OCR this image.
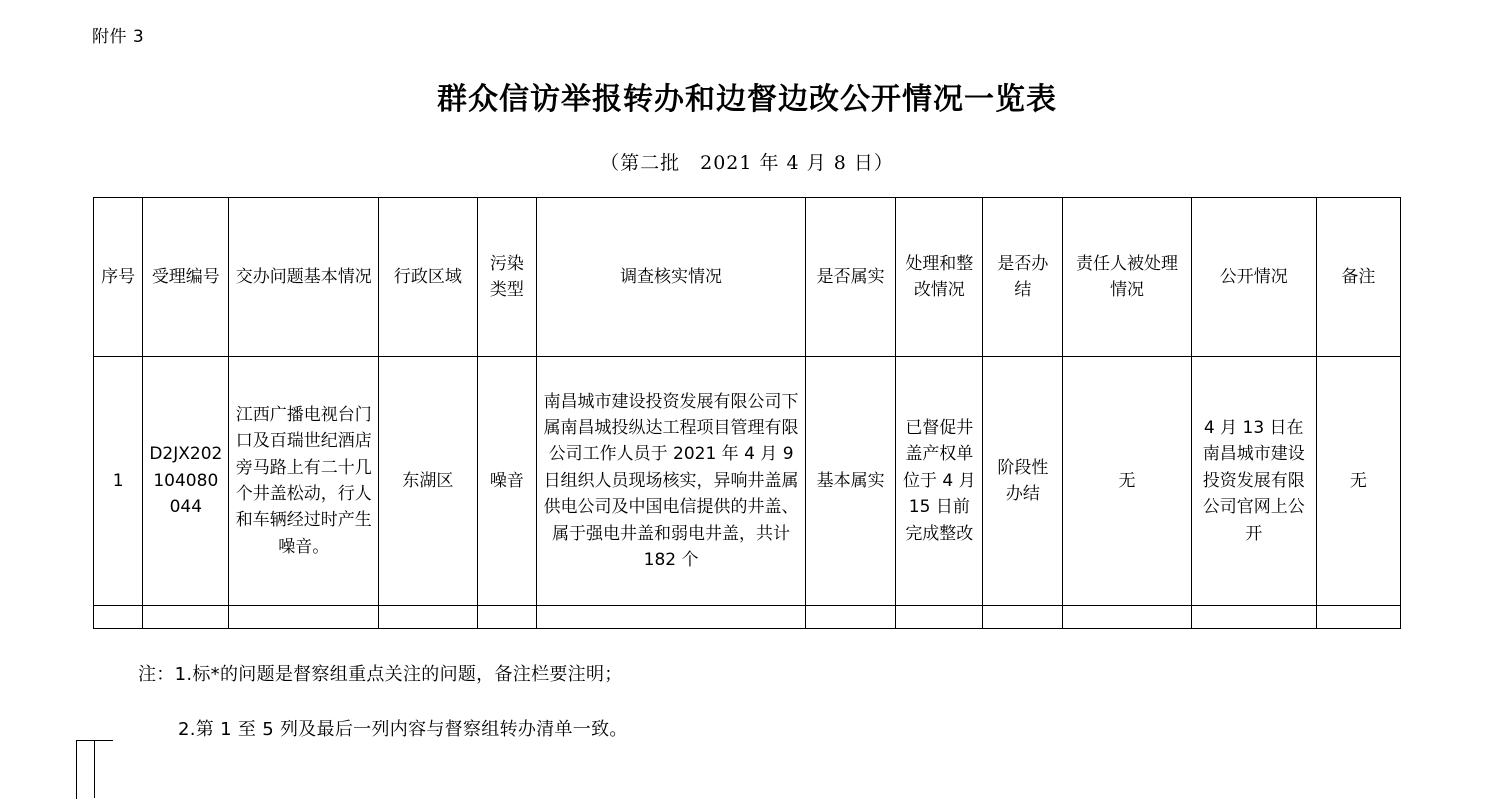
附件 3
群众信访举报转办和边督边改公开情况一览表
（第二批　2021 年 4 月 8 日）
序号	受理编号	交办问题基本情况	行政区域	污染类型	调查核实情况	是否属实	处理和整改情况	是否办结	责任人被处理情况	公开情况	备注
1	D2JX202104080044	江西广播电视台门口及百瑞世纪酒店旁马路上有二十几个井盖松动，行人和车辆经过时产生噪音。	东湖区	噪音	南昌城市建设投资发展有限公司下属南昌城投纵达工程项目管理有限公司工作人员于 2021 年 4 月 9 日组织人员现场核实，异响井盖属供电公司及中国电信提供的井盖、属于强电井盖和弱电井盖，共计 182 个	基本属实	已督促井盖产权单位于 4 月 15 日前完成整改	阶段性办结	无	4 月 13 日在南昌城市建设投资发展有限公司官网上公开	无

注：1.标*的问题是督察组重点关注的问题，备注栏要注明；
2.第 1 至 5 列及最后一列内容与督察组转办清单一致。
